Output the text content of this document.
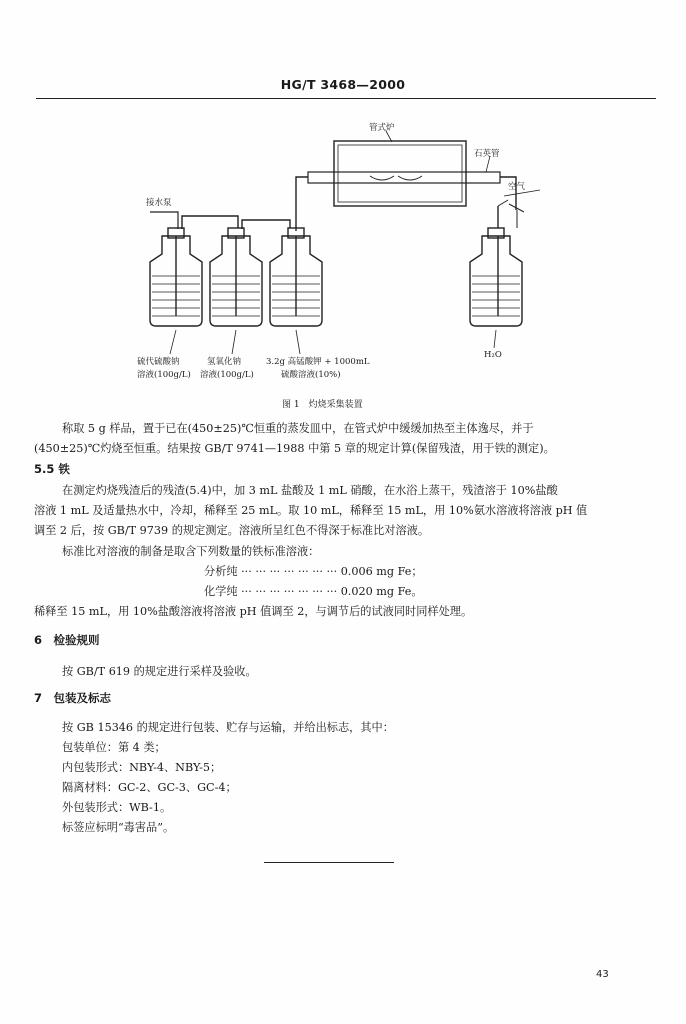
HG/T 3468—2000
管式炉
石英管
接水泵
空气
硫代硫酸钠
溶液(100g/L)
氢氧化钠
溶液(100g/L)
3.2g 高锰酸钾 + 1000mL
硫酸溶液(10%)
H₂O
图 1　灼烧采集装置
称取 5 g 样品，置于已在(450±25)℃恒重的蒸发皿中，在管式炉中缓缓加热至主体逸尽，并于
(450±25)℃灼烧至恒重。结果按 GB/T 9741—1988 中第 5 章的规定计算(保留残渣，用于铁的测定)。
5.5 铁
在测定灼烧残渣后的残渣(5.4)中，加 3 mL 盐酸及 1 mL 硝酸，在水浴上蒸干，残渣溶于 10%盐酸
溶液 1 mL 及适量热水中，冷却，稀释至 25 mL。取 10 mL，稀释至 15 mL，用 10%氨水溶液将溶液 pH 值
调至 2 后，按 GB/T 9739 的规定测定。溶液所呈红色不得深于标准比对溶液。
标准比对溶液的制备是取含下列数量的铁标准溶液：
分析纯 ··· ··· ··· ··· ··· ··· ··· 0.006 mg Fe；
化学纯 ··· ··· ··· ··· ··· ··· ··· 0.020 mg Fe。
稀释至 15 mL，用 10%盐酸溶液将溶液 pH 值调至 2，与调节后的试液同时同样处理。
6　检验规则
按 GB/T 619 的规定进行采样及验收。
7　包装及标志
按 GB 15346 的规定进行包装、贮存与运输，并给出标志，其中：
包装单位：第 4 类；
内包装形式：NBY-4、NBY-5；
隔离材料：GC-2、GC-3、GC-4；
外包装形式：WB-1。
标签应标明“毒害品”。
43
